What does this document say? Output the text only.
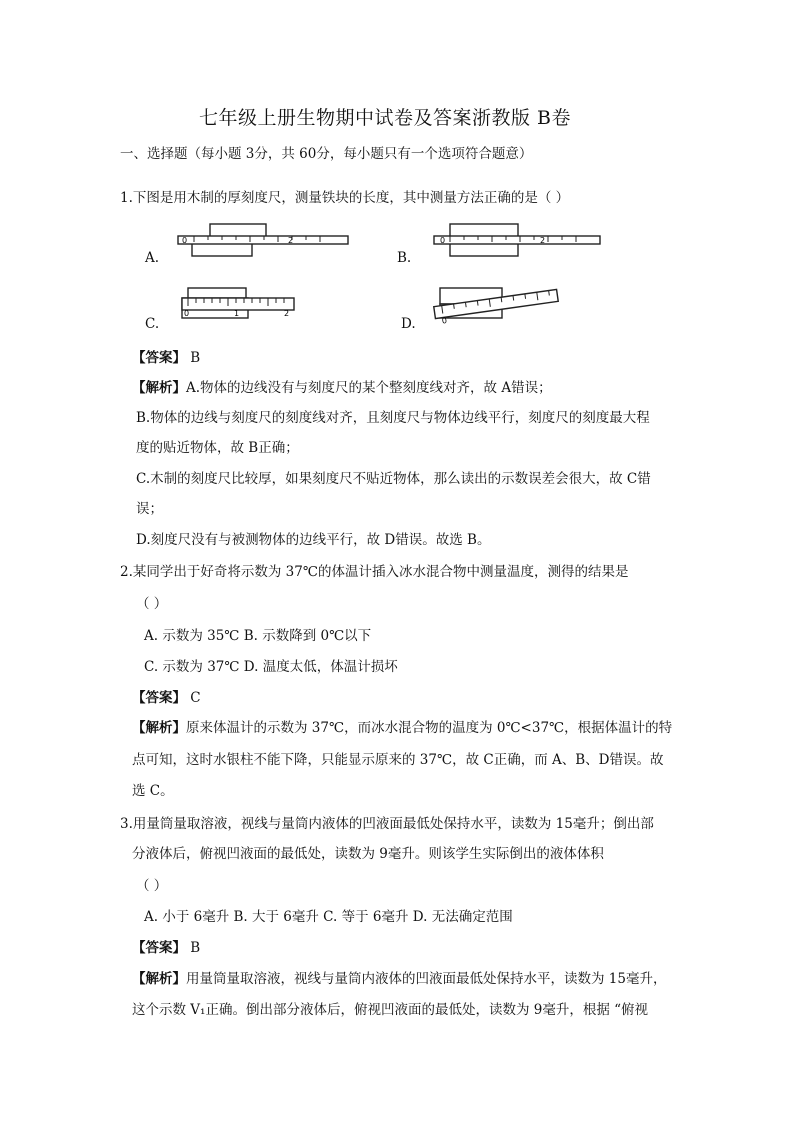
七年级上册生物期中试卷及答案浙教版 B卷
一、选择题（每小题 3分，共 60分，每小题只有一个选项符合题意）
1.下图是用木制的厚刻度尺，测量铁块的长度，其中测量方法正确的是（ ）
A.
0	2
B.
0	2
C.
0	1	2
D.	0
【答案】 B
【解析】A.物体的边线没有与刻度尺的某个整刻度线对齐，故 A错误；
B.物体的边线与刻度尺的刻度线对齐，且刻度尺与物体边线平行，刻度尺的刻度最大程
度的贴近物体，故 B正确；
C.木制的刻度尺比较厚，如果刻度尺不贴近物体，那么读出的示数误差会很大，故 C错
误；
D.刻度尺没有与被测物体的边线平行，故 D错误。故选 B。
2.某同学出于好奇将示数为 37℃的体温计插入冰水混合物中测量温度，测得的结果是
（ ）
A. 示数为 35℃ B. 示数降到 0℃以下
C. 示数为 37℃ D. 温度太低，体温计损坏
【答案】 C
【解析】原来体温计的示数为 37℃，而冰水混合物的温度为 0℃<37℃，根据体温计的特
点可知，这时水银柱不能下降，只能显示原来的 37℃，故 C正确，而 A、B、D错误。故
选 C。
3.用量筒量取溶液，视线与量筒内液体的凹液面最低处保持水平，读数为 15毫升；倒出部
分液体后，俯视凹液面的最低处，读数为 9毫升。则该学生实际倒出的液体体积
（ ）
A. 小于 6毫升 B. 大于 6毫升 C. 等于 6毫升 D. 无法确定范围
【答案】 B
【解析】用量筒量取溶液，视线与量筒内液体的凹液面最低处保持水平，读数为 15毫升，
这个示数 V₁正确。倒出部分液体后，俯视凹液面的最低处，读数为 9毫升，根据 “俯视
